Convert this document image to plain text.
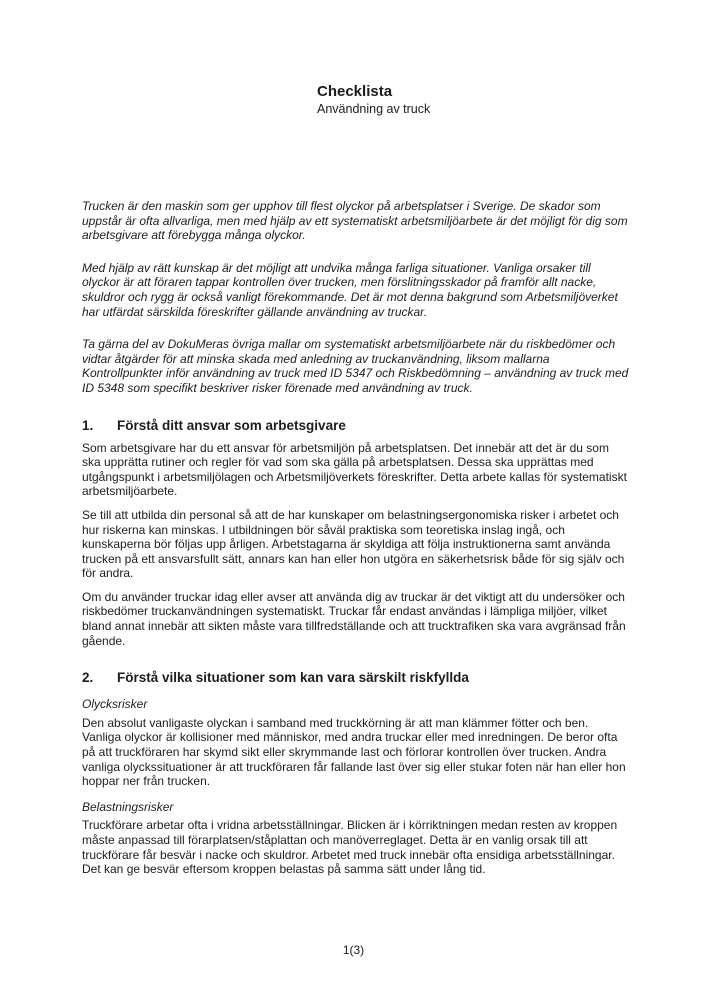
Checklista
Användning av truck

Trucken är den maskin som ger upphov till flest olyckor på arbetsplatser i Sverige. De skador som uppstår är ofta allvarliga, men med hjälp av ett systematiskt arbetsmiljöarbete är det möjligt för dig som arbetsgivare att förebygga många olyckor.

Med hjälp av rätt kunskap är det möjligt att undvika många farliga situationer. Vanliga orsaker till olyckor är att föraren tappar kontrollen över trucken, men förslitningsskador på framför allt nacke, skuldror och rygg är också vanligt förekommande. Det är mot denna bakgrund som Arbetsmiljöverket har utfärdat särskilda föreskrifter gällande användning av truckar.

Ta gärna del av DokuMeras övriga mallar om systematiskt arbetsmiljöarbete när du riskbedömer och vidtar åtgärder för att minska skada med anledning av truckanvändning, liksom mallarna Kontrollpunkter inför användning av truck med ID 5347 och Riskbedömning – användning av truck med ID 5348 som specifikt beskriver risker förenade med användning av truck.

1.	Förstå ditt ansvar som arbetsgivare

Som arbetsgivare har du ett ansvar för arbetsmiljön på arbetsplatsen. Det innebär att det är du som ska upprätta rutiner och regler för vad som ska gälla på arbetsplatsen. Dessa ska upprättas med utgångspunkt i arbetsmiljölagen och Arbetsmiljöverkets föreskrifter. Detta arbete kallas för systematiskt arbetsmiljöarbete.

Se till att utbilda din personal så att de har kunskaper om belastningsergonomiska risker i arbetet och hur riskerna kan minskas. I utbildningen bör såväl praktiska som teoretiska inslag ingå, och kunskaperna bör följas upp årligen. Arbetstagarna är skyldiga att följa instruktionerna samt använda trucken på ett ansvarsfullt sätt, annars kan han eller hon utgöra en säkerhetsrisk både för sig själv och för andra.

Om du använder truckar idag eller avser att använda dig av truckar är det viktigt att du undersöker och riskbedömer truckanvändningen systematiskt. Truckar får endast användas i lämpliga miljöer, vilket bland annat innebär att sikten måste vara tillfredställande och att trucktrafiken ska vara avgränsad från gående.

2.	Förstå vilka situationer som kan vara särskilt riskfyllda
Olycksrisker

Den absolut vanligaste olyckan i samband med truckkörning är att man klämmer fötter och ben. Vanliga olyckor är kollisioner med människor, med andra truckar eller med inredningen. De beror ofta på att truckföraren har skymd sikt eller skrymmande last och förlorar kontrollen över trucken. Andra vanliga olyckssituationer är att truckföraren får fallande last över sig eller stukar foten när han eller hon hoppar ner från trucken.

Belastningsrisker

Truckförare arbetar ofta i vridna arbetsställningar. Blicken är i körriktningen medan resten av kroppen måste anpassad till förarplatsen/ståplattan och manöverreglaget. Detta är en vanlig orsak till att truckförare får besvär i nacke och skuldror. Arbetet med truck innebär ofta ensidiga arbetsställningar. Det kan ge besvär eftersom kroppen belastas på samma sätt under lång tid.

1(3)
